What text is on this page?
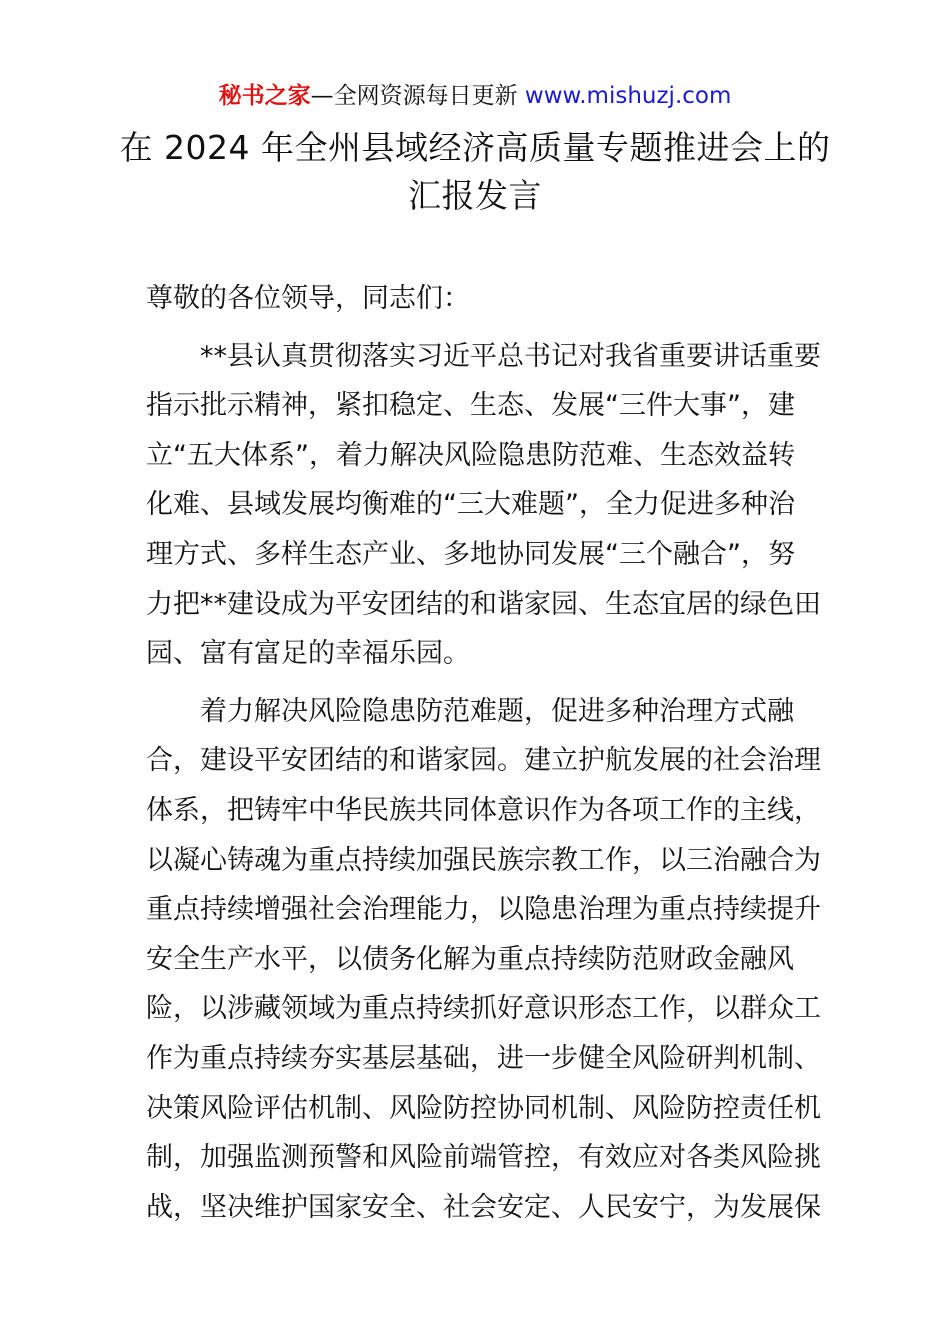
秘书之家—全网资源每日更新 www.mishuzj.com
在 2024 年全州县域经济高质量专题推进会上的
汇报发言
尊敬的各位领导，同志们：
　　**县认真贯彻落实习近平总书记对我省重要讲话重要
指示批示精神，紧扣稳定、生态、发展“三件大事”，建
立“五大体系”，着力解决风险隐患防范难、生态效益转
化难、县域发展均衡难的“三大难题”，全力促进多种治
理方式、多样生态产业、多地协同发展“三个融合”，努
力把**建设成为平安团结的和谐家园、生态宜居的绿色田
园、富有富足的幸福乐园。
　　着力解决风险隐患防范难题，促进多种治理方式融
合，建设平安团结的和谐家园。建立护航发展的社会治理
体系，把铸牢中华民族共同体意识作为各项工作的主线，
以凝心铸魂为重点持续加强民族宗教工作，以三治融合为
重点持续增强社会治理能力，以隐患治理为重点持续提升
安全生产水平，以债务化解为重点持续防范财政金融风
险，以涉藏领域为重点持续抓好意识形态工作，以群众工
作为重点持续夯实基层基础，进一步健全风险研判机制、
决策风险评估机制、风险防控协同机制、风险防控责任机
制，加强监测预警和风险前端管控，有效应对各类风险挑
战，坚决维护国家安全、社会安定、人民安宁，为发展保
